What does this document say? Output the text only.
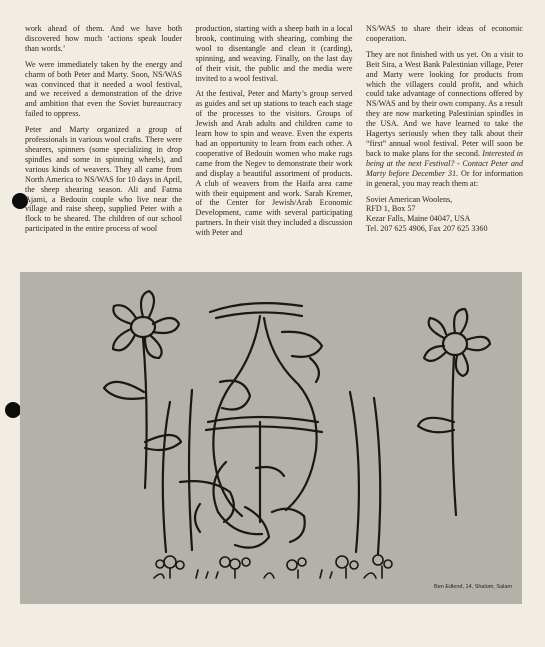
work ahead of them. And we have both discovered how much ‘actions speak louder than words.’

We were immediately taken by the energy and charm of both Peter and Marty. Soon, NS/WAS was convinced that it needed a wool festival, and we received a demonstration of the drive and ambition that even the Soviet bureaucracy failed to oppress.

Peter and Marty organized a group of professionals in various wool crafts. There were shearers, spinners (some specializing in drop spindles and some in spinning wheels), and various kinds of weavers. They all came from North America to NS/WAS for 10 days in April, the sheep shearing season. Ali and Fatma Ajami, a Bedouin couple who live near the village and raise sheep, supplied Peter with a flock to be sheared. The children of our school participated in the entire process of wool

production, starting with a sheep bath in a local brook, continuing with shearing, combing the wool to disentangle and clean it (carding), spinning, and weaving. Finally, on the last day of their visit, the public and the media were invited to a wool festival.

At the festival, Peter and Marty’s group served as guides and set up stations to teach each stage of the processes to the visitors. Groups of Jewish and Arab adults and children came to learn how to spin and weave. Even the experts had an opportunity to learn from each other. A cooperative of Bedouin women who make rugs came from the Negev to demonstrate their work and display a beautiful assortment of products. A club of weavers from the Haifa area came with their equipment and work. Sarah Kremer, of the Center for Jewish/Arab Economic Development, came with several participating partners. In their visit they included a discussion with Peter and

NS/WAS to share their ideas of economic cooperation.

They are not finished with us yet. On a visit to Beit Sira, a West Bank Palestinian village, Peter and Marty were looking for products from which the villagers could profit, and which could take advantage of connections offered by NS/WAS and by their own company. As a result they are now marketing Palestinian spindles in the USA. And we have learned to take the Hagertys seriously when they talk about their “first” annual wool festival. Peter will soon be back to make plans for the second. Interested in being at the next Festival? - Contact Peter and Marty before December 31. Or for information in general, you may reach them at:

Soviet American Woolens,

RFD 1, Box 57

Kezar Falls, Maine 04047, USA

Tel. 207 625 4906, Fax 207 625 3360

Ben Edlend, 14, Shalom, Salam
